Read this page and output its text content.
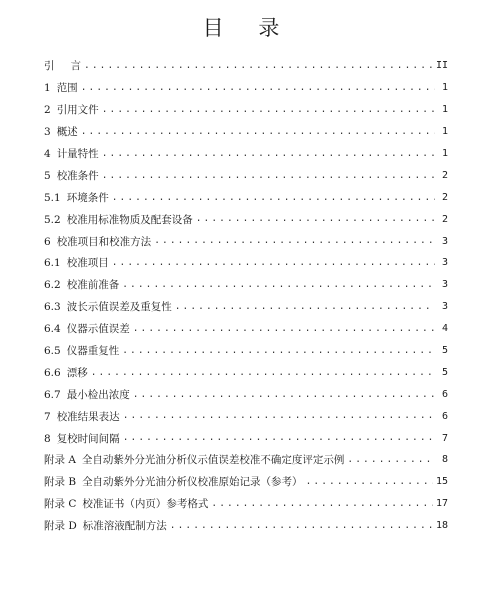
目 录
引 言 .....	II
1 范围 .....	1
2 引用文件 .....	1
3 概述 .....	1
4 计量特性 .....	1
5 校准条件 .....	2
5.1 环境条件 .....	2
5.2 校准用标准物质及配套设备 .....	2
6 校准项目和校准方法 .....	3
6.1 校准项目 .....	3
6.2 校准前准备 .....	3
6.3 波长示值误差及重复性 .....	3
6.4 仪器示值误差 .....	4
6.5 仪器重复性 .....	5
6.6 漂移 .....	5
6.7 最小检出浓度 .....	6
7 校准结果表达 .....	6
8 复校时间间隔 .....	7
附录 A 全自动紫外分光油分析仪示值误差校准不确定度评定示例 .....	8
附录 B 全自动紫外分光油分析仪校准原始记录（参考） .....	15
附录 C 校准证书（内页）参考格式 .....	17
附录 D 标准溶液配制方法 .....	18
